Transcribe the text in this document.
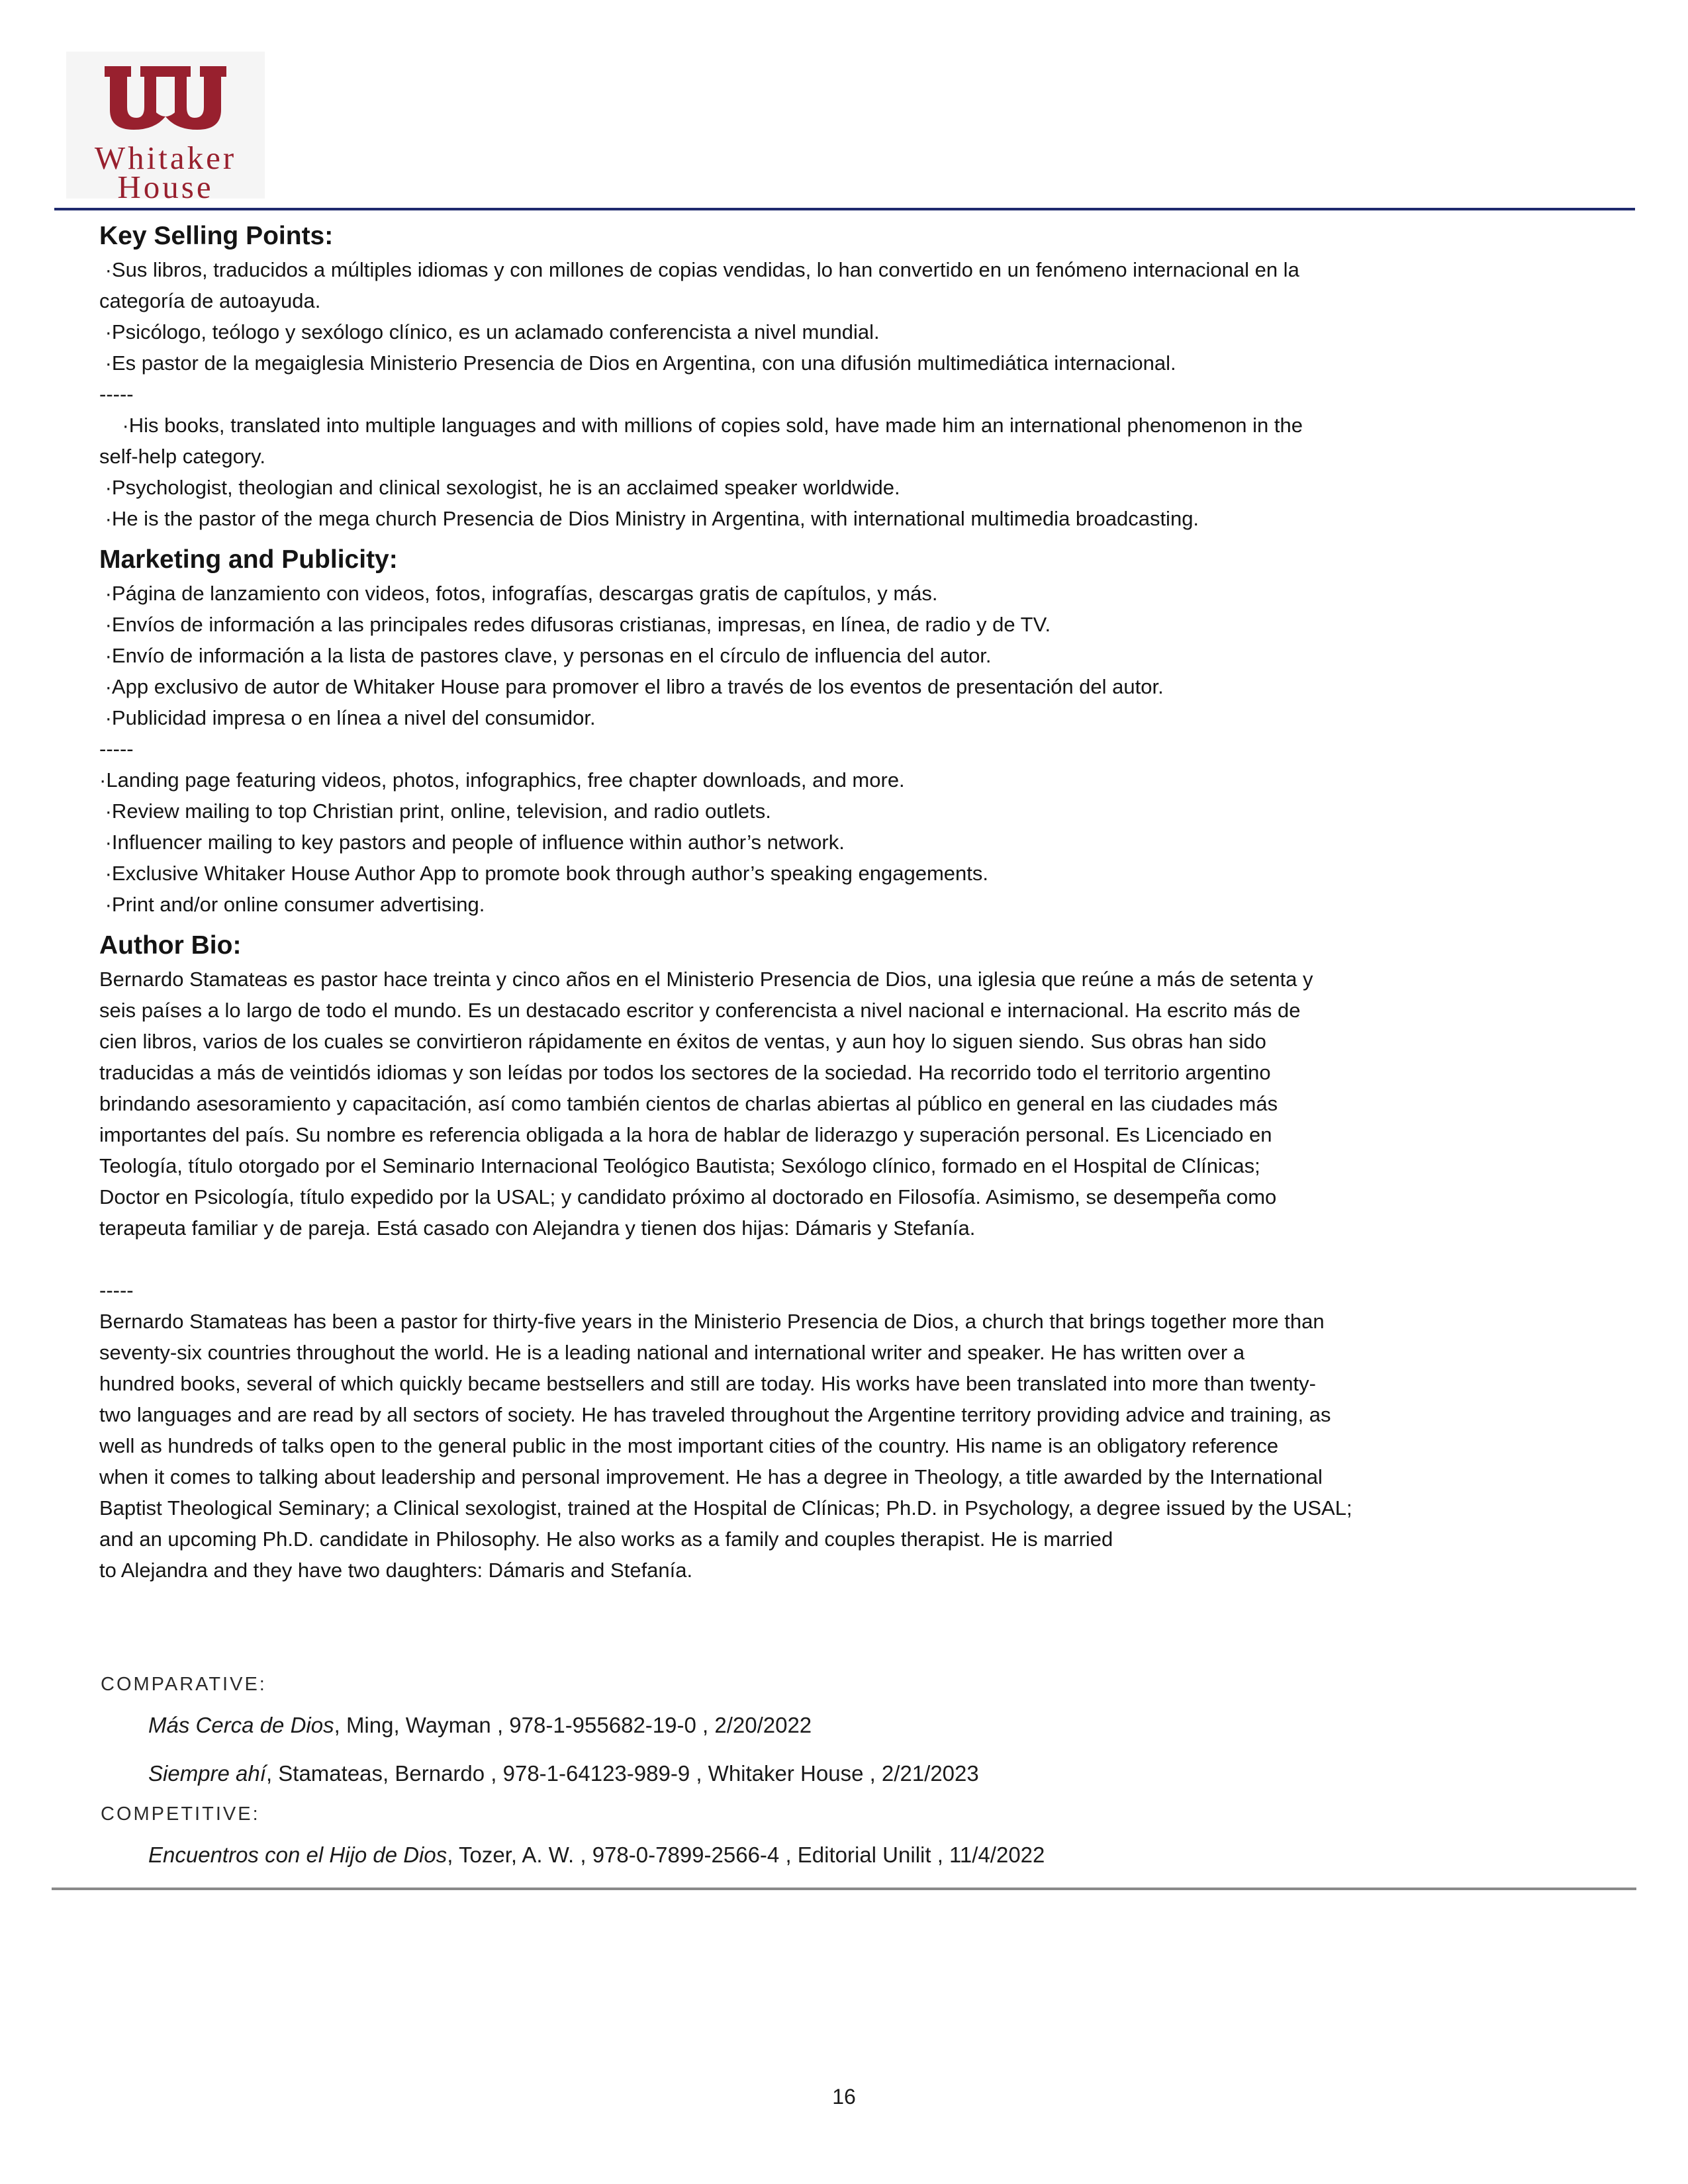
Whitaker
House
Key Selling Points:
·Sus libros, traducidos a múltiples idiomas y con millones de copias vendidas, lo han convertido en un fenómeno internacional en la
categoría de autoayuda.
·Psicólogo, teólogo y sexólogo clínico, es un aclamado conferencista a nivel mundial.
·Es pastor de la megaiglesia Ministerio Presencia de Dios en Argentina, con una difusión multimediática internacional.
-----
·His books, translated into multiple languages and with millions of copies sold, have made him an international phenomenon in the
self-help category.
·Psychologist, theologian and clinical sexologist, he is an acclaimed speaker worldwide.
·He is the pastor of the mega church Presencia de Dios Ministry in Argentina, with international multimedia broadcasting.
Marketing and Publicity:
·Página de lanzamiento con videos, fotos, infografías, descargas gratis de capítulos, y más.
·Envíos de información a las principales redes difusoras cristianas, impresas, en línea, de radio y de TV.
·Envío de información a la lista de pastores clave, y personas en el círculo de influencia del autor.
·App exclusivo de autor de Whitaker House para promover el libro a través de los eventos de presentación del autor.
·Publicidad impresa o en línea a nivel del consumidor.
-----
·Landing page featuring videos, photos, infographics, free chapter downloads, and more.
·Review mailing to top Christian print, online, television, and radio outlets.
·Influencer mailing to key pastors and people of influence within author’s network.
·Exclusive Whitaker House Author App to promote book through author’s speaking engagements.
·Print and/or online consumer advertising.
Author Bio:
Bernardo Stamateas es pastor hace treinta y cinco años en el Ministerio Presencia de Dios, una iglesia que reúne a más de setenta y
seis países a lo largo de todo el mundo. Es un destacado escritor y conferencista a nivel nacional e internacional. Ha escrito más de
cien libros, varios de los cuales se convirtieron rápidamente en éxitos de ventas, y aun hoy lo siguen siendo. Sus obras han sido
traducidas a más de veintidós idiomas y son leídas por todos los sectores de la sociedad. Ha recorrido todo el territorio argentino
brindando asesoramiento y capacitación, así como también cientos de charlas abiertas al público en general en las ciudades más
importantes del país. Su nombre es referencia obligada a la hora de hablar de liderazgo y superación personal. Es Licenciado en
Teología, título otorgado por el Seminario Internacional Teológico Bautista; Sexólogo clínico, formado en el Hospital de Clínicas;
Doctor en Psicología, título expedido por la USAL; y candidato próximo al doctorado en Filosofía. Asimismo, se desempeña como
terapeuta familiar y de pareja. Está casado con Alejandra y tienen dos hijas: Dámaris y Stefanía.
-----
Bernardo Stamateas has been a pastor for thirty-five years in the Ministerio Presencia de Dios, a church that brings together more than
seventy-six countries throughout the world. He is a leading national and international writer and speaker. He has written over a
hundred books, several of which quickly became bestsellers and still are today. His works have been translated into more than twenty-
two languages and are read by all sectors of society. He has traveled throughout the Argentine territory providing advice and training, as
well as hundreds of talks open to the general public in the most important cities of the country. His name is an obligatory reference
when it comes to talking about leadership and personal improvement. He has a degree in Theology, a title awarded by the International
Baptist Theological Seminary; a Clinical sexologist, trained at the Hospital de Clínicas; Ph.D. in Psychology, a degree issued by the USAL;
and an upcoming Ph.D. candidate in Philosophy. He also works as a family and couples therapist. He is married
to Alejandra and they have two daughters: Dámaris and Stefanía.
COMPARATIVE:
Más Cerca de Dios, Ming, Wayman , 978-1-955682-19-0 , 2/20/2022
Siempre ahí, Stamateas, Bernardo , 978-1-64123-989-9 , Whitaker House , 2/21/2023
COMPETITIVE:
Encuentros con el Hijo de Dios, Tozer, A. W. , 978-0-7899-2566-4 , Editorial Unilit , 11/4/2022
16
